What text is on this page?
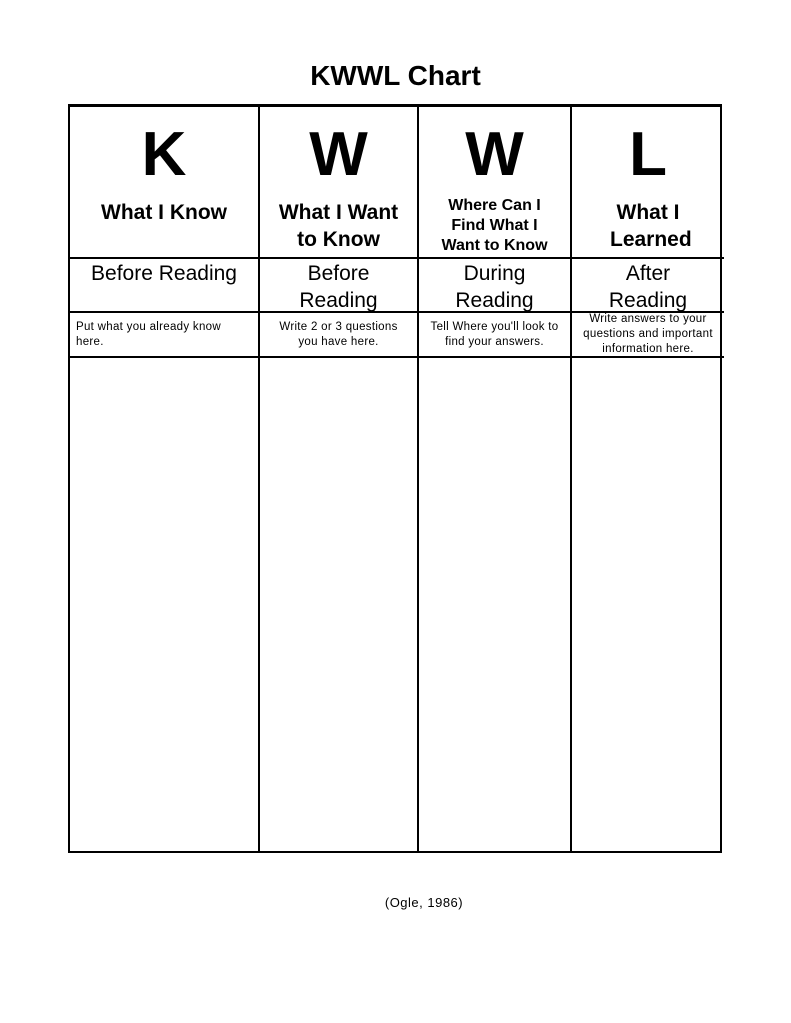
KWWL Chart
K
What I Know
W
What I Want to Know
W
Where Can I Find What I Want to Know
L
What I Learned
Before Reading	Before Reading
During Reading
After Reading
Put what you already know here.
Write 2 or 3 questions you have here.
Tell Where you'll look to find your answers.
Write answers to your questions and important information here.
(Ogle, 1986)
